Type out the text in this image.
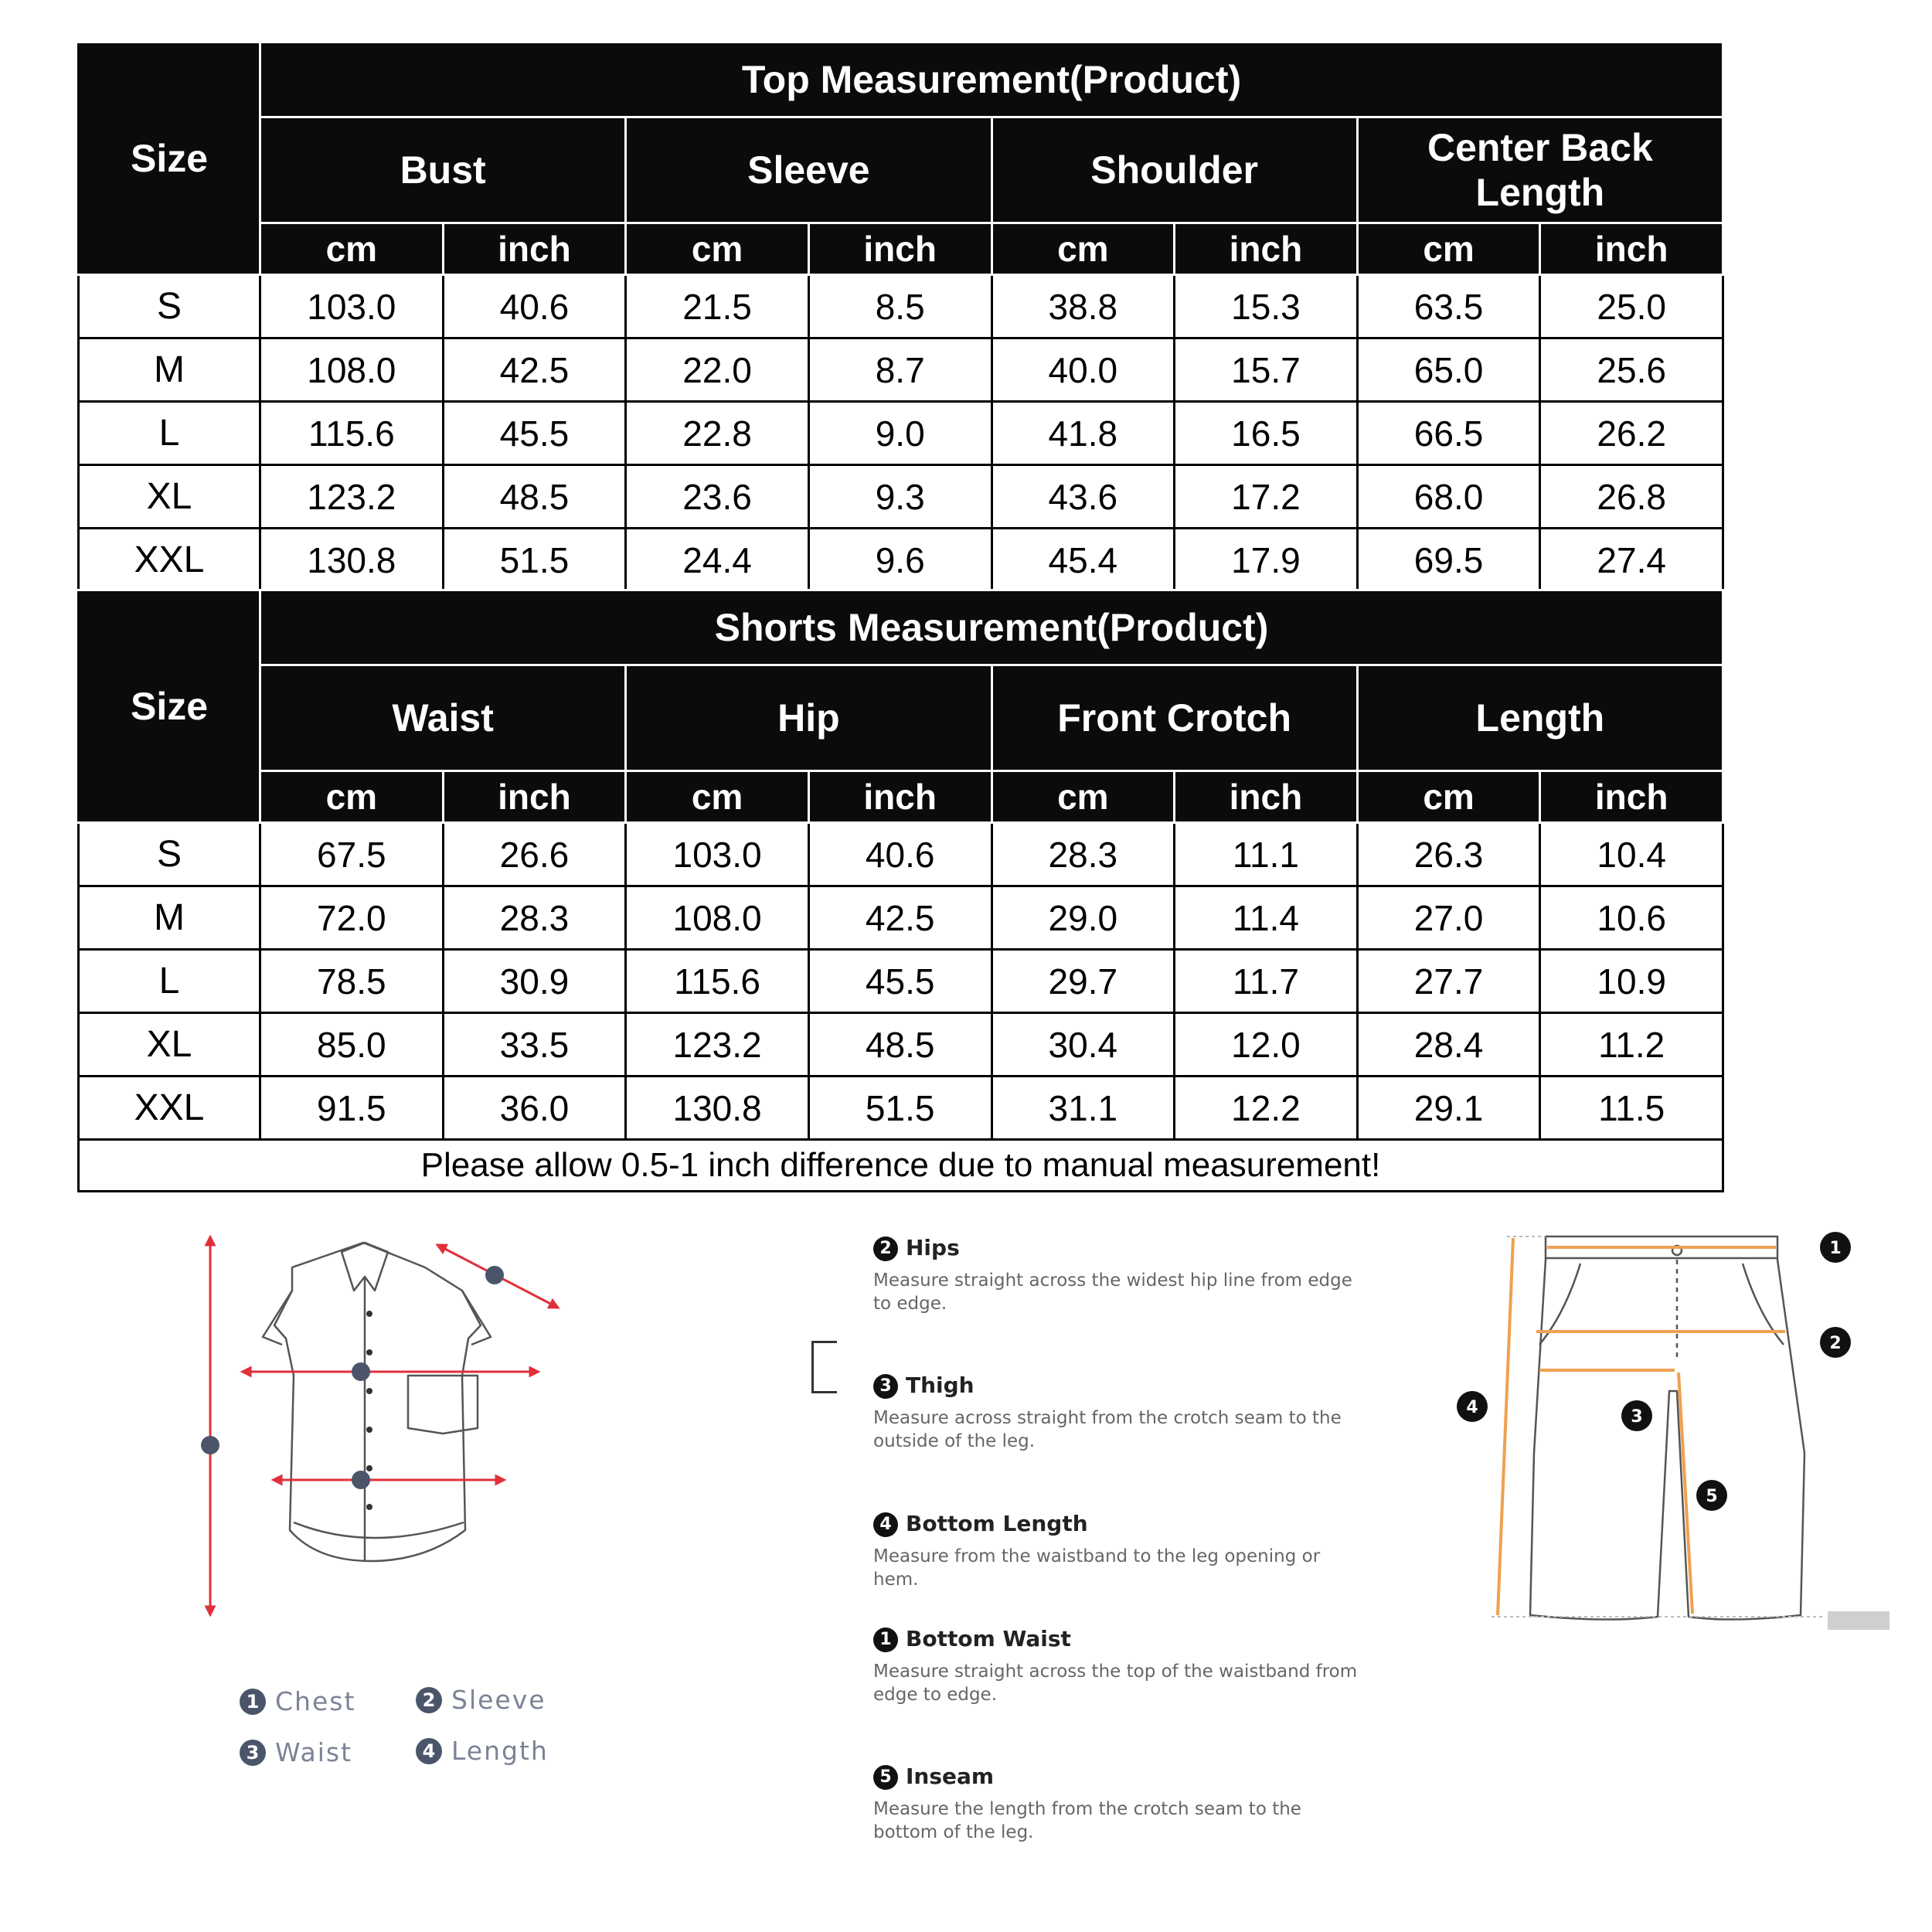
Size	Top Measurement(Product)							
	Bust		Sleeve		Shoulder		Center Back Length	
	cm	inch	cm	inch	cm	inch	cm	inch
S	103.0	40.6	21.5	8.5	38.8	15.3	63.5	25.0
M	108.0	42.5	22.0	8.7	40.0	15.7	65.0	25.6
L	115.6	45.5	22.8	9.0	41.8	16.5	66.5	26.2
XL	123.2	48.5	23.6	9.3	43.6	17.2	68.0	26.8
XXL	130.8	51.5	24.4	9.6	45.4	17.9	69.5	27.4
Size	Shorts Measurement(Product)							
	Waist		Hip		Front Crotch		Length	
	cm	inch	cm	inch	cm	inch	cm	inch
S	67.5	26.6	103.0	40.6	28.3	11.1	26.3	10.4
M	72.0	28.3	108.0	42.5	29.0	11.4	27.0	10.6
L	78.5	30.9	115.6	45.5	29.7	11.7	27.7	10.9
XL	85.0	33.5	123.2	48.5	30.4	12.0	28.4	11.2
XXL	91.5	36.0	130.8	51.5	31.1	12.2	29.1	11.5
Please allow 0.5-1 inch difference due to manual measurement!								
1 Chest	2 Sleeve
3 Waist	4 Length
2 Hips
Measure straight across the widest hip line from edge to edge.
3 Thigh
Measure across straight from the crotch seam to the outside of the leg.
4 Bottom Length
Measure from the waistband to the leg opening or hem.
1 Bottom Waist
Measure straight across the top of the waistband from edge to edge.
5 Inseam
Measure the length from the crotch seam to the bottom of the leg.
1
2
3
4
5
